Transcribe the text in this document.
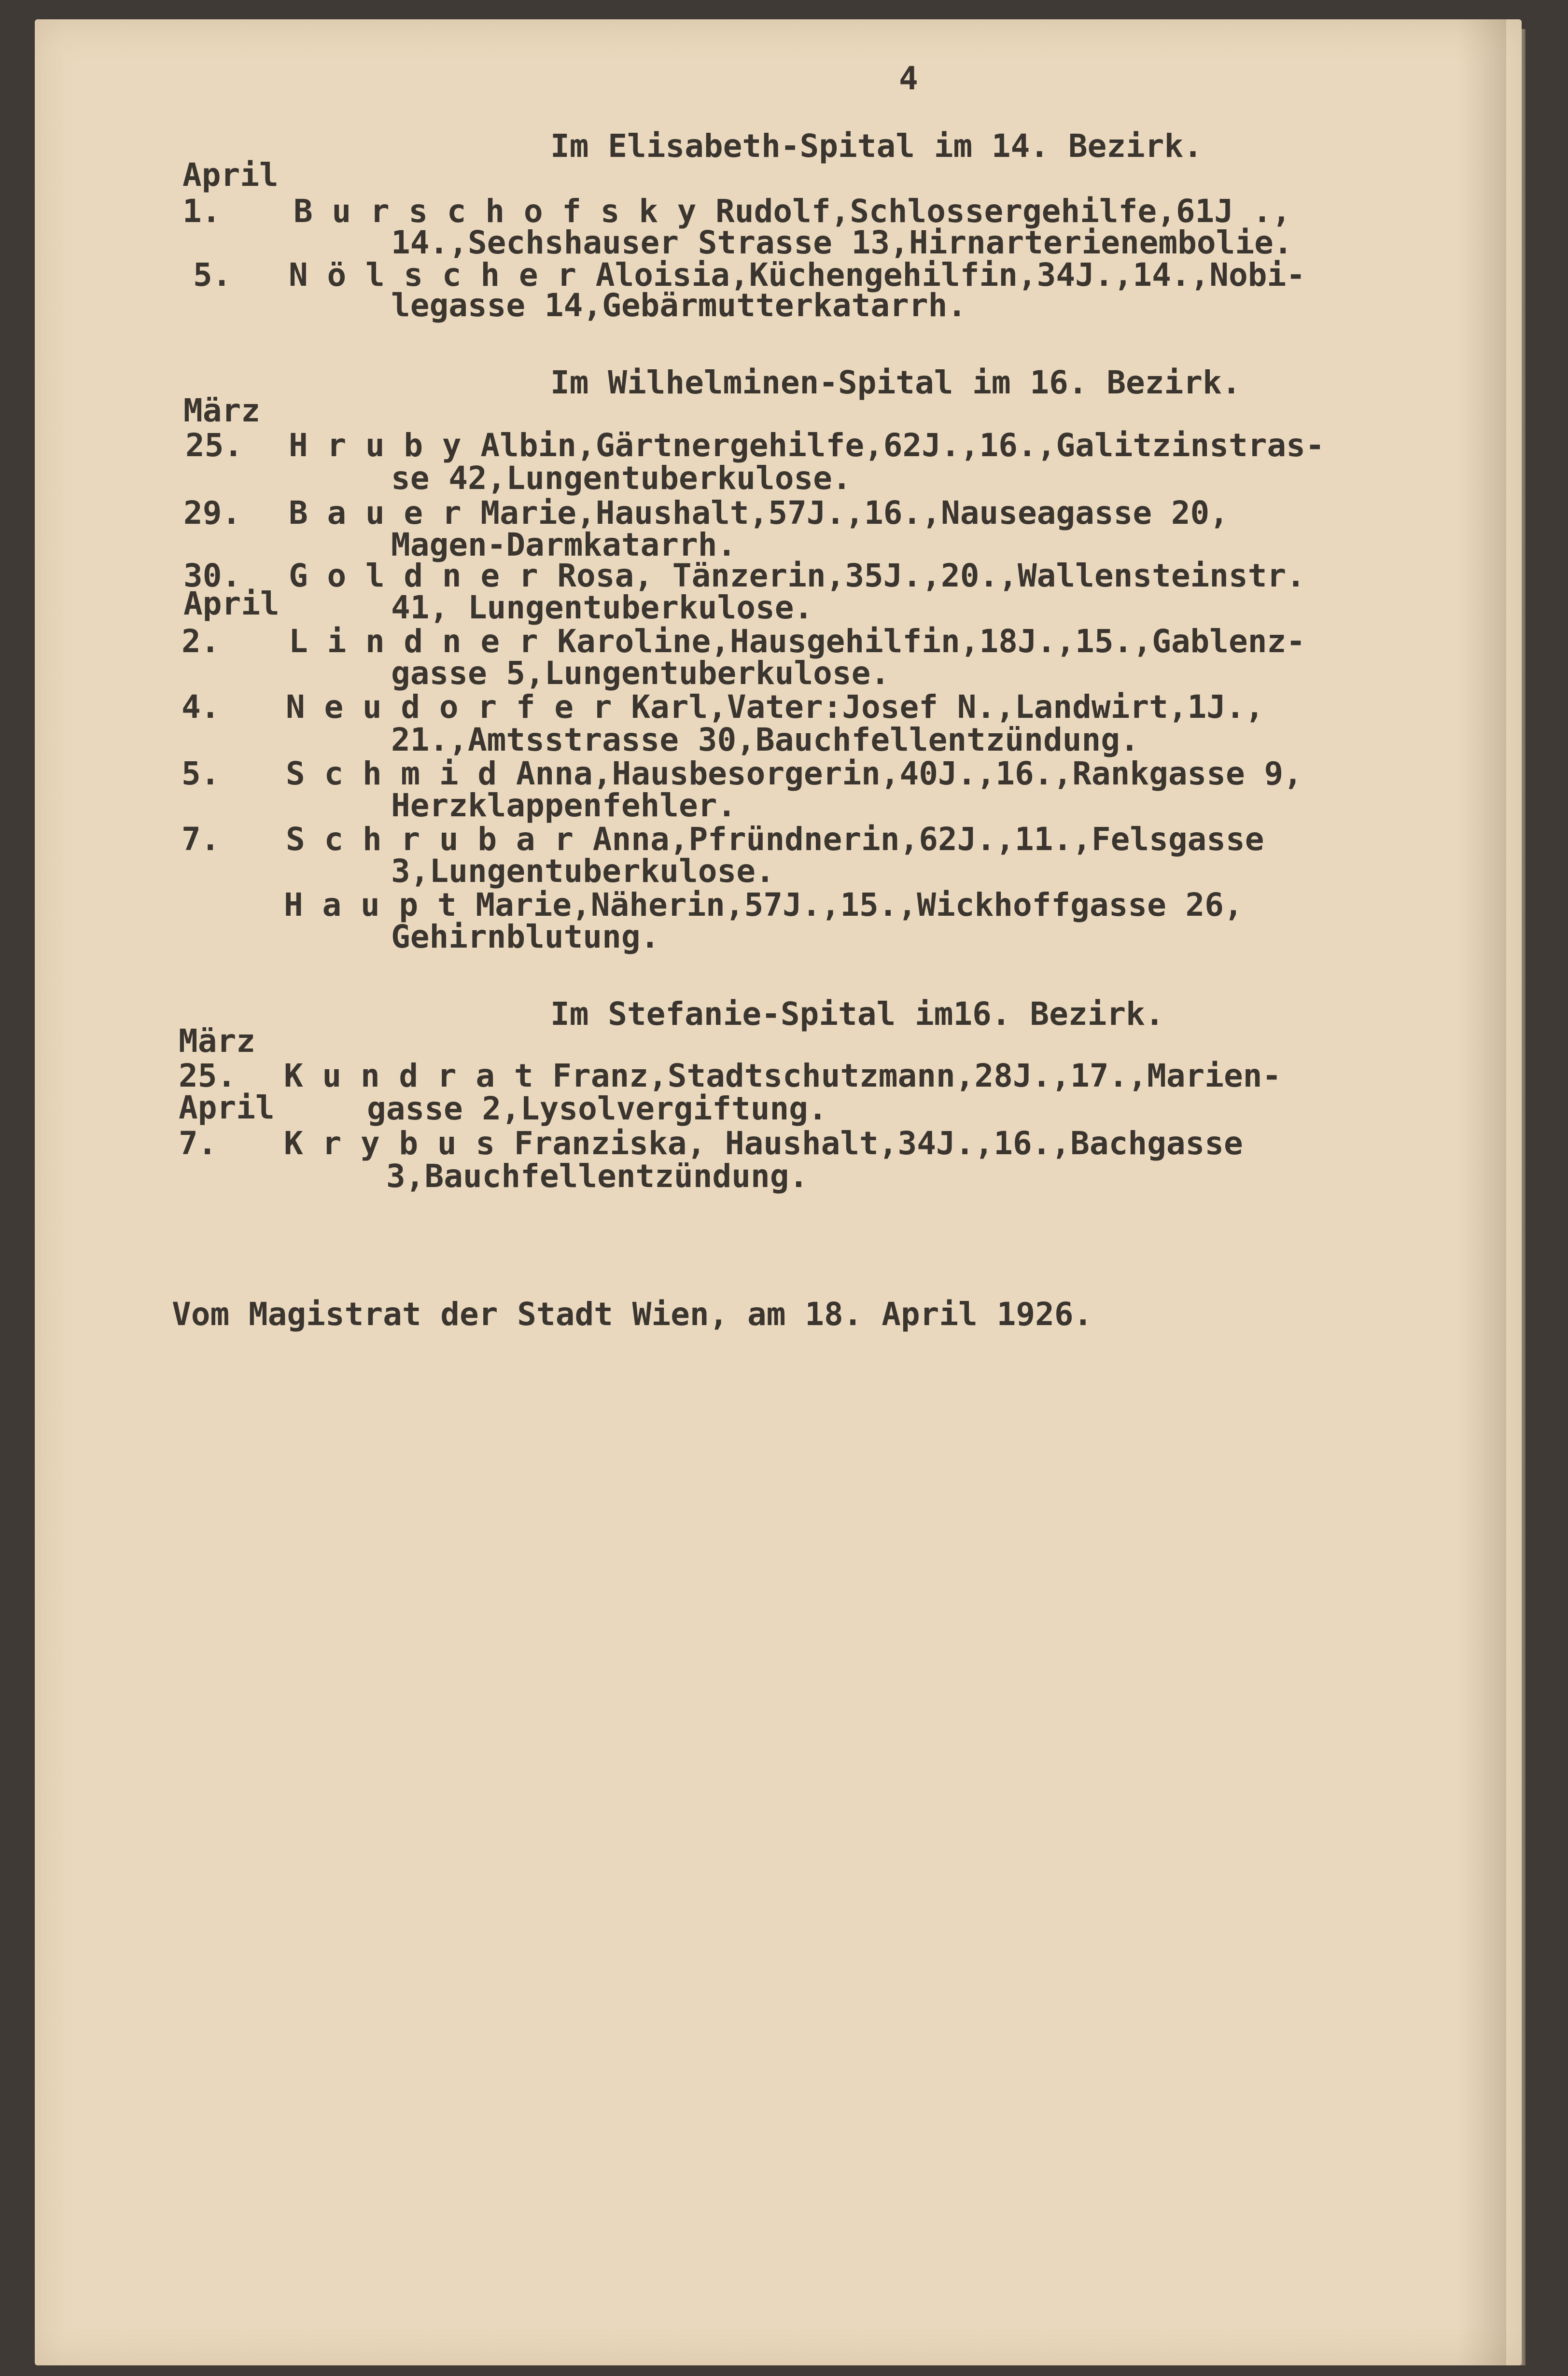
4
Im Elisabeth-Spital im 14. Bezirk.
April
1. B u r s c h o f s k y Rudolf,Schlossergehilfe,61J .,
14.,Sechshauser Strasse 13,Hirnarterienembolie.
5. N ö l s c h e r Aloisia,Küchengehilfin,34J.,14.,Nobi-
legasse 14,Gebärmutterkatarrh.
Im Wilhelminen-Spital im 16. Bezirk.
März
25. H r u b y Albin,Gärtnergehilfe,62J.,16.,Galitzinstras-
se 42,Lungentuberkulose.
29. B a u e r Marie,Haushalt,57J.,16.,Nauseagasse 20,
Magen-Darmkatarrh.
30. G o l d n e r Rosa, Tänzerin,35J.,20.,Wallensteinstr.
April	41, Lungentuberkulose.
2. L i n d n e r Karoline,Hausgehilfin,18J.,15.,Gablenz-
gasse 5,Lungentuberkulose.
4. N e u d o r f e r Karl,Vater:Josef N.,Landwirt,1J.,
21.,Amtsstrasse 30,Bauchfellentzündung.
5. S c h m i d Anna,Hausbesorgerin,40J.,16.,Rankgasse 9,
Herzklappenfehler.
7. S c h r u b a r Anna,Pfründnerin,62J.,11.,Felsgasse
3,Lungentuberkulose.
H a u p t Marie,Näherin,57J.,15.,Wickhoffgasse 26,
Gehirnblutung.
Im Stefanie-Spital im16. Bezirk.
März
25. K u n d r a t Franz,Stadtschutzmann,28J.,17.,Marien-
April	gasse 2,Lysolvergiftung.
7. K r y b u s Franziska, Haushalt,34J.,16.,Bachgasse
3,Bauchfellentzündung.
Vom Magistrat der Stadt Wien, am 18. April 1926.
